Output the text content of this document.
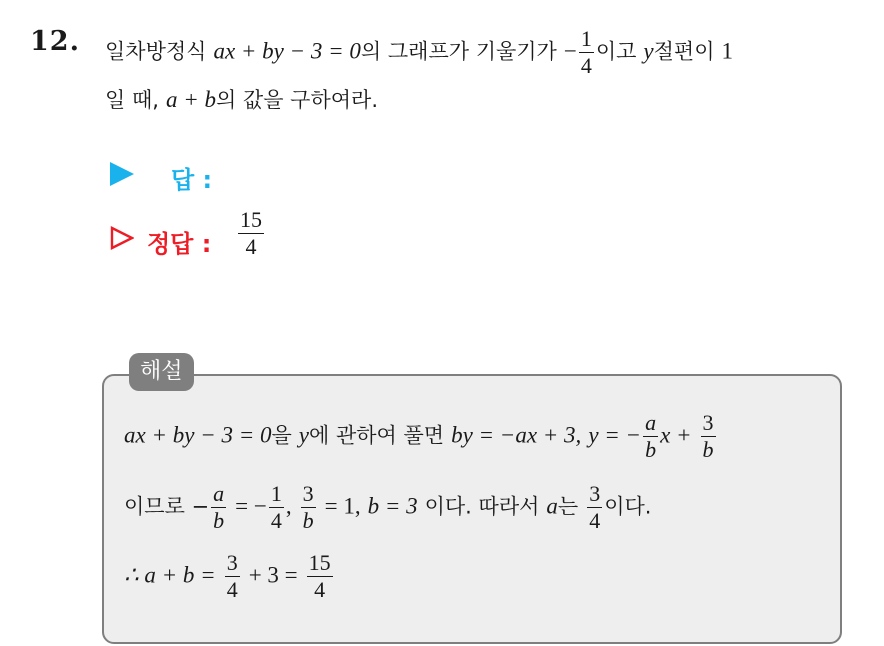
12. 일차방정식 ax + by − 3 = 0의 그래프가 기울기가 − $\frac{1}{4}$ 이고 y절편이 1
일 때, a + b의 값을 구하여라.
답 :
정답 : $\frac{15}{4}$
해설
ax + by − 3 = 0을 y에 관하여 풀면 by = −ax + 3, y = − $\frac{a}{b}$ $x + \frac{3}{b}$
이므로 − $\frac{a}{b}$ = − $\frac{1}{4}$ , $\frac{3}{b} = 1$, b = 3 이다. 따라서 a는 $\frac{3}{4}$ 이다.
∴ $a + b = \frac{3}{4} + 3 = \frac{15}{4}$
